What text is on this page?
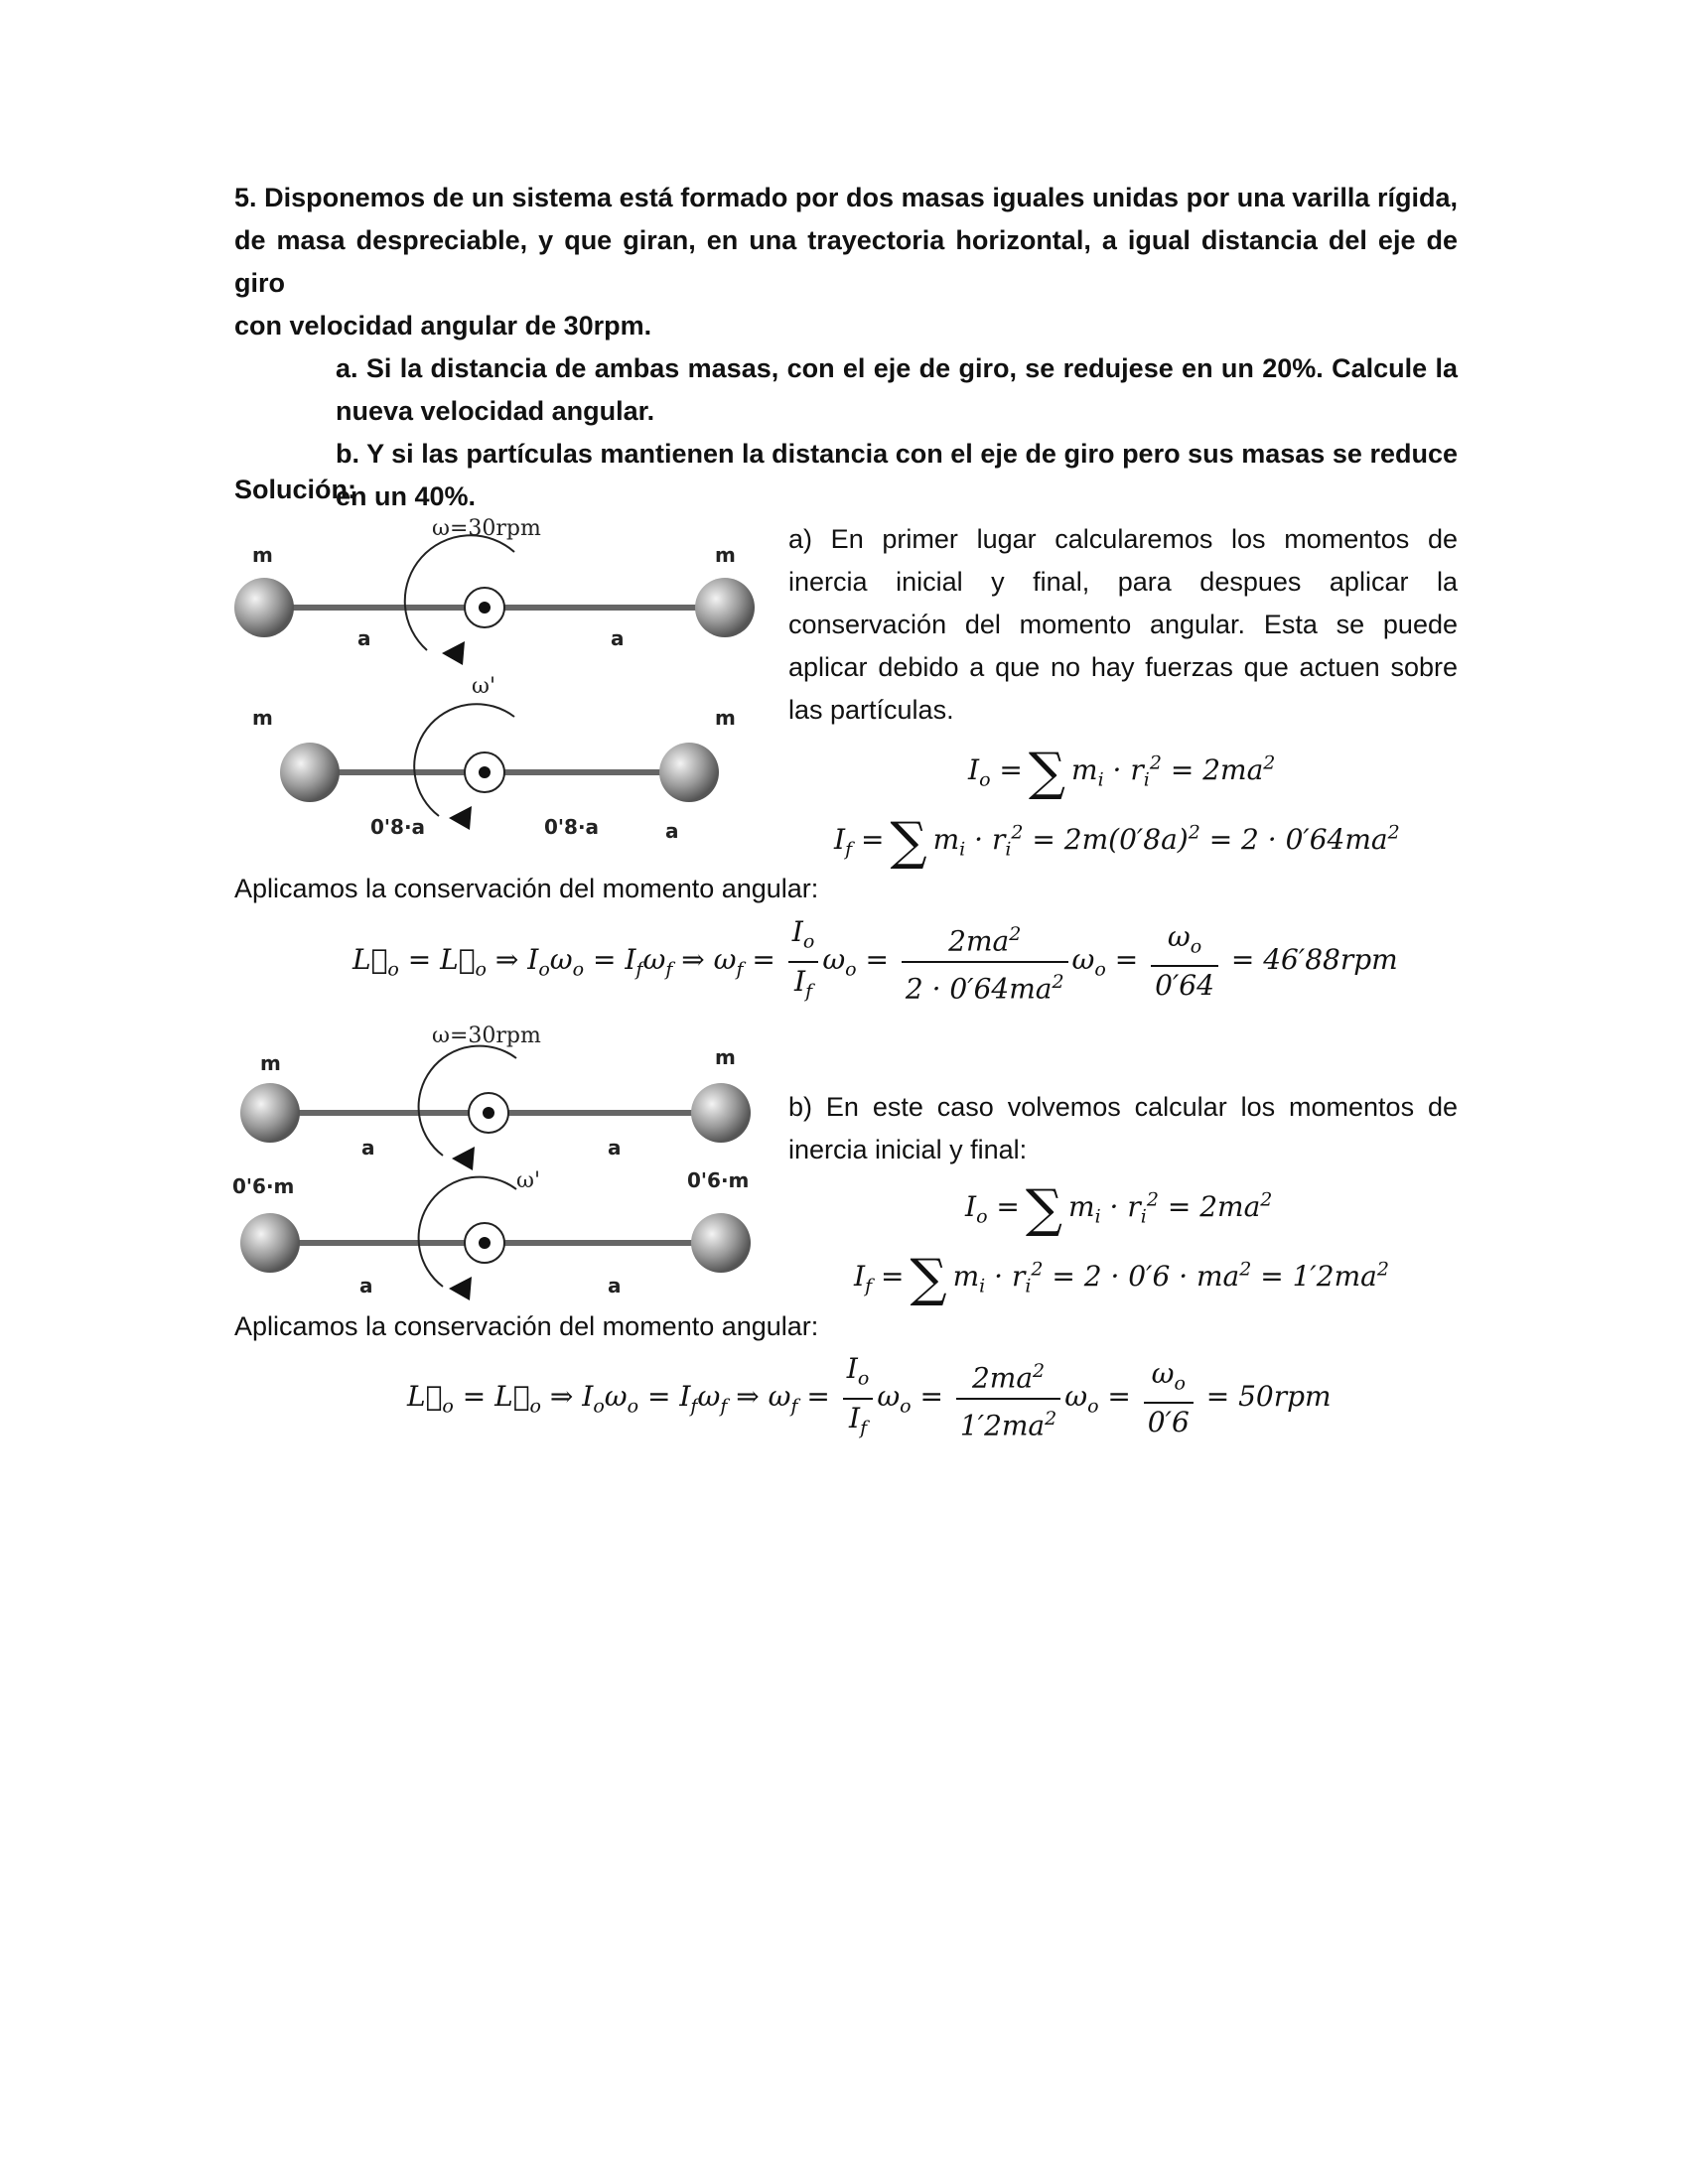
5. Disponemos de un sistema está formado por dos masas iguales unidas por una varilla rígida,
de masa despreciable, y que giran, en una trayectoria horizontal, a igual distancia del eje de giro
con velocidad angular de 30rpm.
a. Si la distancia de ambas masas, con el eje de giro, se redujese en un 20%. Calcule la
nueva velocidad angular.
b. Y si las partículas mantienen la distancia con el eje de giro pero sus masas se reduce
en un 40%.
Solución:
ω=30rpm
m	m
a	a
ω'
m	m
0'8·a	0'8·a	a
a) En primer lugar calcularemos los momentos de inercia inicial y final, para despues aplicar la conservación del momento angular. Esta se puede aplicar debido a que no hay fuerzas que actuen sobre las partículas.
$I_o$ = ∑ $m_i \cdot r_i^2 = 2ma^2$
$I_f$ = ∑ $m_i \cdot r_i^2 = 2m(0'8a)^2 = 2 \cdot 0'64ma^2$
Aplicamos la conservación del momento angular:
$L⃗_o$ = $L⃗_o$ ⇒ $I_o\omega_o = I_f\omega_f$ ⇒ $\omega_f = \frac{I_o}{I_f} \omega_o = \frac{2ma^2}{2 \cdot 0'64ma^2} \omega_o = \frac{\omega_o}{0'64} = 46'88rpm$
ω=30rpm
m	m
a	a
ω'
0'6·m	0'6·m
a	a
b) En este caso volvemos calcular los momentos de inercia inicial y final:
$I_o$ = ∑ $m_i \cdot r_i^2 = 2ma^2$
$I_f$ = ∑ $m_i \cdot r_i^2 = 2 \cdot 0'6 \cdot ma^2 = 1'2ma^2$
Aplicamos la conservación del momento angular:
$L⃗_o$ = $L⃗_o$ ⇒ $I_o\omega_o = I_f\omega_f$ ⇒ $\omega_f = \frac{I_o}{I_f} \omega_o = \frac{2ma^2}{1'2ma^2} \omega_o = \frac{\omega_o}{0'6} = 50rpm$
